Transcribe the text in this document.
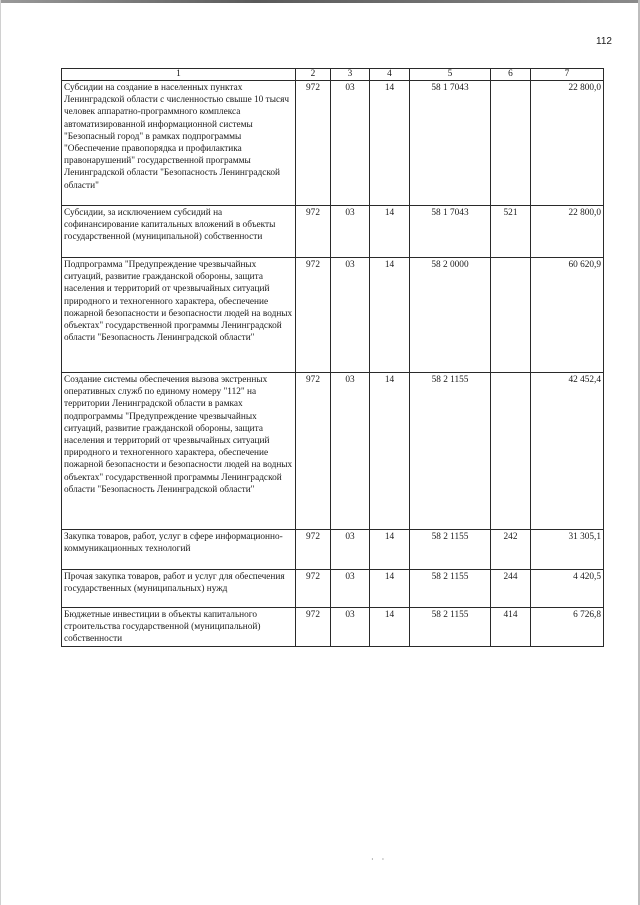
112
1	2	3	4	5	6	7
Субсидии на создание в населенных пунктах Ленинградской области с численностью свыше 10 тысяч человек аппаратно-программного комплекса автоматизированной информационной системы "Безопасный город" в рамках подпрограммы "Обеспечение правопорядка и профилактика правонарушений" государственной программы Ленинградской области "Безопасность Ленинградской области"	972	03	14	58 1 7043		22 800,0
Субсидии, за исключением субсидий на софинансирование капитальных вложений в объекты государственной (муниципальной) собственности	972	03	14	58 1 7043	521	22 800,0
Подпрограмма "Предупреждение чрезвычайных ситуаций, развитие гражданской обороны, защита населения и территорий от чрезвычайных ситуаций природного и техногенного характера, обеспечение пожарной безопасности и безопасности людей на водных объектах" государственной программы Ленинградской области "Безопасность Ленинградской области"	972	03	14	58 2 0000		60 620,9
Создание системы обеспечения вызова экстренных оперативных служб по единому номеру "112" на территории Ленинградской области в рамках подпрограммы "Предупреждение чрезвычайных ситуаций, развитие гражданской обороны, защита населения и территорий от чрезвычайных ситуаций природного и техногенного характера, обеспечение пожарной безопасности и безопасности людей на водных объектах" государственной программы Ленинградской области "Безопасность Ленинградской области"	972	03	14	58 2 1155		42 452,4
Закупка товаров, работ, услуг в сфере информационно-коммуникационных технологий	972	03	14	58 2 1155	242	31 305,1
Прочая закупка товаров, работ и услуг для обеспечения государственных (муниципальных) нужд	972	03	14	58 2 1155	244	4 420,5
Бюджетные инвестиции в объекты капитального строительства государственной (муниципальной) собственности	972	03	14	58 2 1155	414	6 726,8
· ·
